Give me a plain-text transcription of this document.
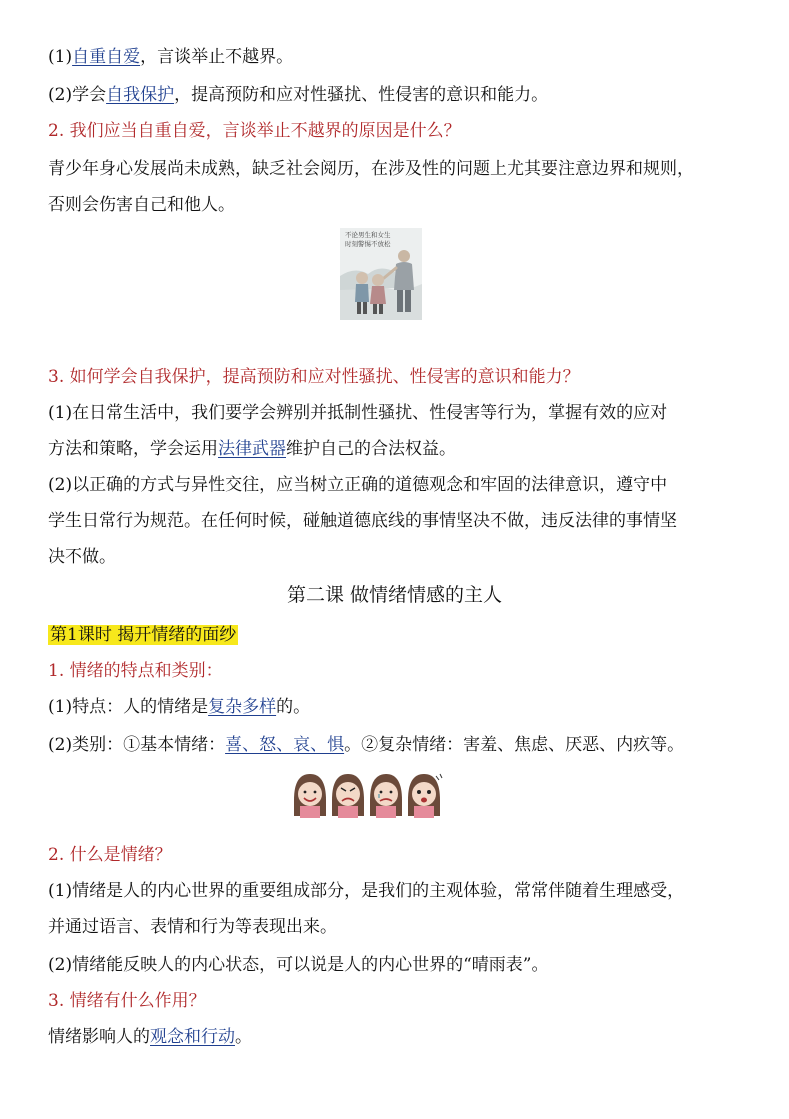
(1)自重自爱，言谈举止不越界。
(2)学会自我保护，提高预防和应对性骚扰、性侵害的意识和能力。
2. 我们应当自重自爱，言谈举止不越界的原因是什么？
青少年身心发展尚未成熟，缺乏社会阅历，在涉及性的问题上尤其要注意边界和规则，
否则会伤害自己和他人。
不论男生和女生
时刻警惕不放松
3. 如何学会自我保护，提高预防和应对性骚扰、性侵害的意识和能力？
(1)在日常生活中，我们要学会辨别并抵制性骚扰、性侵害等行为，掌握有效的应对
方法和策略，学会运用法律武器维护自己的合法权益。
(2)以正确的方式与异性交往，应当树立正确的道德观念和牢固的法律意识，遵守中
学生日常行为规范。在任何时候，碰触道德底线的事情坚决不做，违反法律的事情坚
决不做。
第二课 做情绪情感的主人
第1课时 揭开情绪的面纱
1. 情绪的特点和类别：
(1)特点：人的情绪是复杂多样的。
(2)类别：①基本情绪：喜、怒、哀、惧。②复杂情绪：害羞、焦虑、厌恶、内疚等。
2. 什么是情绪？
(1)情绪是人的内心世界的重要组成部分，是我们的主观体验，常常伴随着生理感受，
并通过语言、表情和行为等表现出来。
(2)情绪能反映人的内心状态，可以说是人的内心世界的“晴雨表”。
3. 情绪有什么作用？
情绪影响人的观念和行动。
